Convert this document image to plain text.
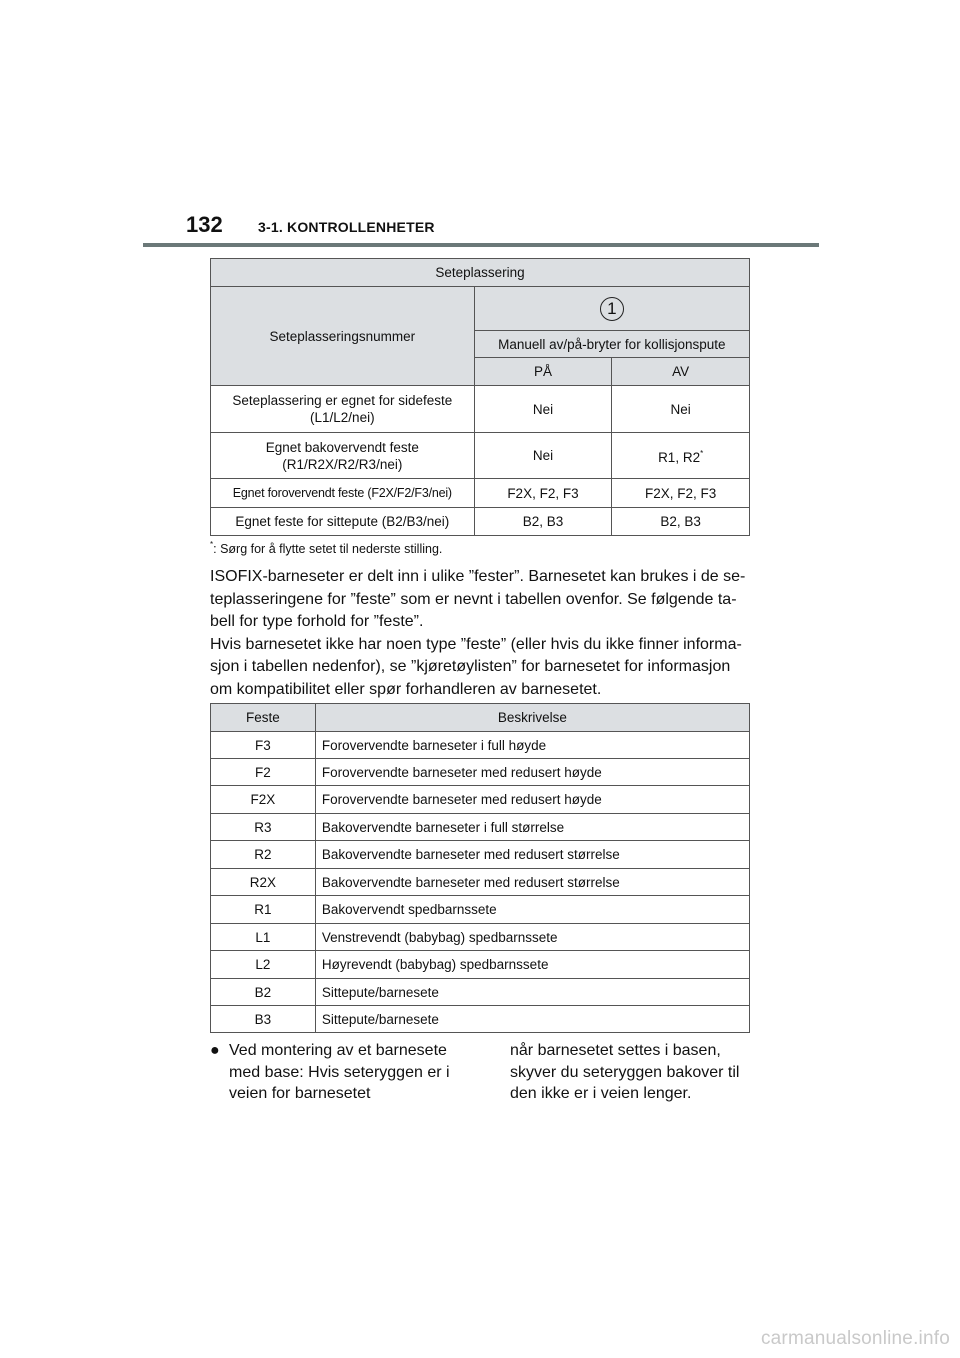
132	3-1. KONTROLLENHETER
Seteplassering		
Seteplasseringsnummer	1	
	Manuell av/på-bryter for kollisjonspute	
	PÅ	AV
Seteplassering er egnet for sidefeste
(L1/L2/nei)	Nei	Nei
Egnet bakovervendt feste
(R1/R2X/R2/R3/nei)	Nei	R1, R2*
Egnet forovervendt feste (F2X/F2/F3/nei)	F2X, F2, F3	F2X, F2, F3
Egnet feste for sittepute (B2/B3/nei)	B2, B3	B2, B3
*: Sørg for å flytte setet til nederste stilling.

ISOFIX-barneseter er delt inn i ulike ”fester”. Barnesetet kan brukes i de se-teplasseringene for ”feste” som er nevnt i tabellen ovenfor. Se følgende ta-bell for type forhold for ”feste”.

Hvis barnesetet ikke har noen type ”feste” (eller hvis du ikke finner informa-sjon i tabellen nedenfor), se ”kjøretøylisten” for barnesetet for informasjon om kompatibilitet eller spør forhandleren av barnesetet.

Feste	Beskrivelse
F3	Forovervendte barneseter i full høyde
F2	Forovervendte barneseter med redusert høyde
F2X	Forovervendte barneseter med redusert høyde
R3	Bakovervendte barneseter i full størrelse
R2	Bakovervendte barneseter med redusert størrelse
R2X	Bakovervendte barneseter med redusert størrelse
R1	Bakovervendt spedbarnssete
L1	Venstrevendt (babybag) spedbarnssete
L2	Høyrevendt (babybag) spedbarnssete
B2	Sittepute/barnesete
B3	Sittepute/barnesete
● Ved montering av et barnesete med base: Hvis seteryggen er i veien for barnesetet
når barnesetet settes i basen, skyver du seteryggen bakover til den ikke er i veien lenger.
carmanualsonline.info
